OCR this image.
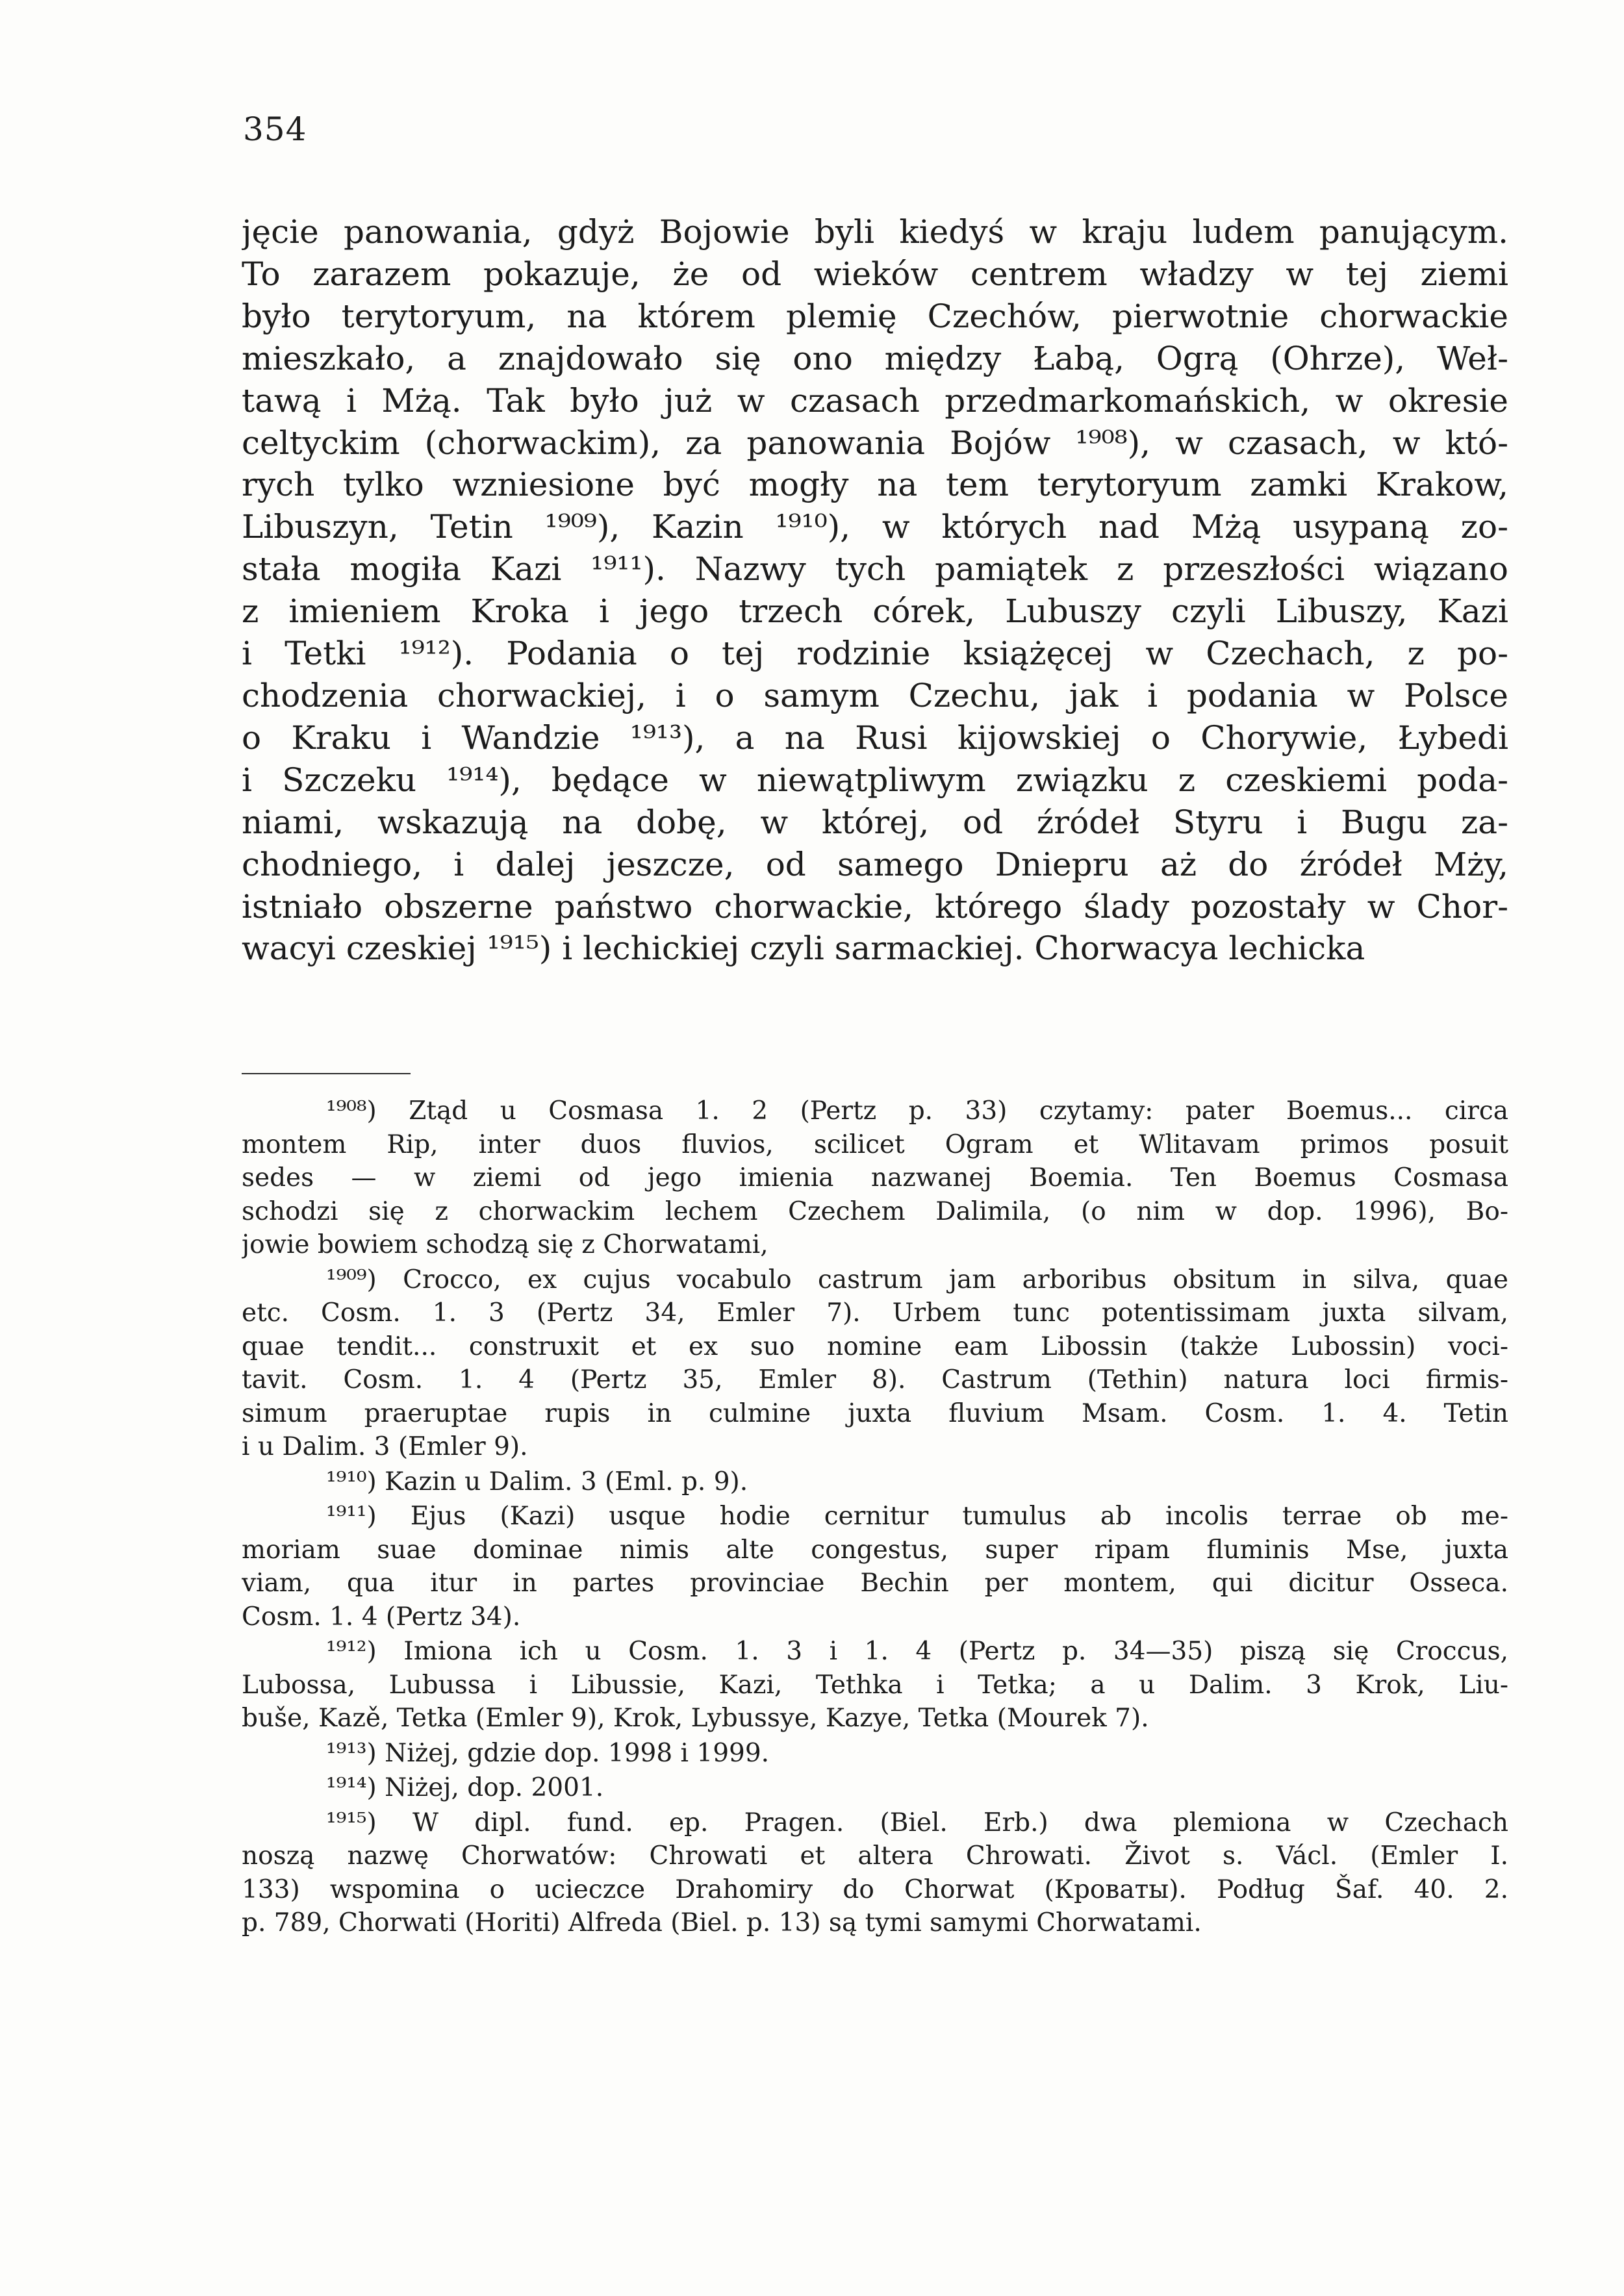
354
jęcie panowania, gdyż Bojowie byli kiedyś w kraju ludem panującym.
To zarazem pokazuje, że od wieków centrem władzy w tej ziemi
było terytoryum, na którem plemię Czechów, pierwotnie chorwackie
mieszkało, a znajdowało się ono między Łabą, Ogrą (Ohrze), Weł-
tawą i Mżą. Tak było już w czasach przedmarkomańskich, w okresie
celtyckim (chorwackim), za panowania Bojów ¹⁹⁰⁸), w czasach, w któ-
rych tylko wzniesione być mogły na tem terytoryum zamki Krakow,
Libuszyn, Tetin ¹⁹⁰⁹), Kazin ¹⁹¹⁰), w których nad Mżą usypaną zo-
stała mogiła Kazi ¹⁹¹¹). Nazwy tych pamiątek z przeszłości wiązano
z imieniem Kroka i jego trzech córek, Lubuszy czyli Libuszy, Kazi
i Tetki ¹⁹¹²). Podania o tej rodzinie książęcej w Czechach, z po-
chodzenia chorwackiej, i o samym Czechu, jak i podania w Polsce
o Kraku i Wandzie ¹⁹¹³), a na Rusi kijowskiej o Chorywie, Łybedi
i Szczeku ¹⁹¹⁴), będące w niewątpliwym związku z czeskiemi poda-
niami, wskazują na dobę, w której, od źródeł Styru i Bugu za-
chodniego, i dalej jeszcze, od samego Dniepru aż do źródeł Mży,
istniało obszerne państwo chorwackie, którego ślady pozostały w Chor-
wacyi czeskiej ¹⁹¹⁵) i lechickiej czyli sarmackiej. Chorwacya lechicka
¹⁹⁰⁸) Ztąd u Cosmasa 1. 2 (Pertz p. 33) czytamy: pater Boemus... circa
montem Rip, inter duos fluvios, scilicet Ogram et Wlitavam primos posuit
sedes — w ziemi od jego imienia nazwanej Boemia. Ten Boemus Cosmasa
schodzi się z chorwackim lechem Czechem Dalimila, (o nim w dop. 1996), Bo-
jowie bowiem schodzą się z Chorwatami,
¹⁹⁰⁹) Crocco, ex cujus vocabulo castrum jam arboribus obsitum in silva, quae
etc. Cosm. 1. 3 (Pertz 34, Emler 7). Urbem tunc potentissimam juxta silvam,
quae tendit... construxit et ex suo nomine eam Libossin (także Lubossin) voci-
tavit. Cosm. 1. 4 (Pertz 35, Emler 8). Castrum (Tethin) natura loci firmis-
simum praeruptae rupis in culmine juxta fluvium Msam. Cosm. 1. 4. Tetin
i u Dalim. 3 (Emler 9).
¹⁹¹⁰) Kazin u Dalim. 3 (Eml. p. 9).
¹⁹¹¹) Ejus (Kazi) usque hodie cernitur tumulus ab incolis terrae ob me-
moriam suae dominae nimis alte congestus, super ripam fluminis Mse, juxta
viam, qua itur in partes provinciae Bechin per montem, qui dicitur Osseca.
Cosm. 1. 4 (Pertz 34).
¹⁹¹²) Imiona ich u Cosm. 1. 3 i 1. 4 (Pertz p. 34—35) piszą się Croccus,
Lubossa, Lubussa i Libussie, Kazi, Tethka i Tetka; a u Dalim. 3 Krok, Liu-
buše, Kazě, Tetka (Emler 9), Krok, Lybussye, Kazye, Tetka (Mourek 7).
¹⁹¹³) Niżej, gdzie dop. 1998 i 1999.
¹⁹¹⁴) Niżej, dop. 2001.
¹⁹¹⁵) W dipl. fund. ep. Pragen. (Biel. Erb.) dwa plemiona w Czechach
noszą nazwę Chorwatów: Chrowati et altera Chrowati. Život s. Václ. (Emler I.
133) wspomina o ucieczce Drahomiry do Chorwat (Кроваты). Podług Šaf. 40. 2.
p. 789, Chorwati (Horiti) Alfreda (Biel. p. 13) są tymi samymi Chorwatami.
